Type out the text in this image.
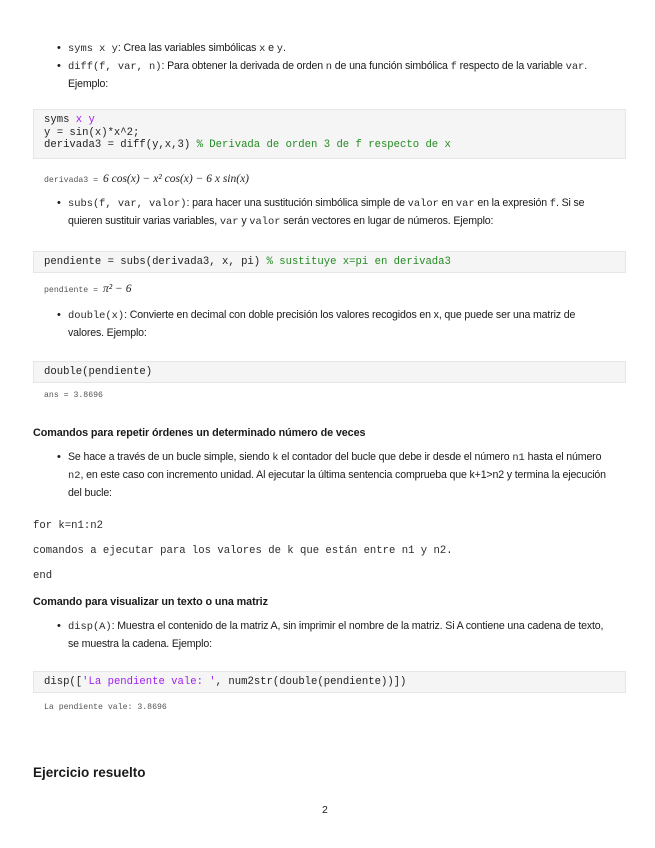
• syms x y: Crea las variables simbólicas x e y.
• diff(f, var, n): Para obtener la derivada de orden n de una función simbólica f respecto de la variable var. Ejemplo:
syms x y
y = sin(x)*x^2;
derivada3 = diff(y,x,3) % Derivada de orden 3 de f respecto de x
derivada3 = 6 cos(x) − x² cos(x) − 6 x sin(x)
• subs(f, var, valor): para hacer una sustitución simbólica simple de valor en var en la expresión f. Si se quieren sustituir varias variables, var y valor serán vectores en lugar de números. Ejemplo:
pendiente = subs(derivada3, x, pi) % sustituye x=pi en derivada3
pendiente = π² − 6
• double(x): Convierte en decimal con doble precisión los valores recogidos en x, que puede ser una matriz de valores. Ejemplo:
double(pendiente)
ans = 3.8696
Comandos para repetir órdenes un determinado número de veces
• Se hace a través de un bucle simple, siendo k el contador del bucle que debe ir desde el número n1 hasta el número n2, en este caso con incremento unidad. Al ejecutar la última sentencia comprueba que k+1>n2 y termina la ejecución del bucle:
for k=n1:n2
comandos a ejecutar para los valores de k que están entre n1 y n2.
end
Comando para visualizar un texto o una matriz
• disp(A): Muestra el contenido de la matriz A, sin imprimir el nombre de la matriz. Si A contiene una cadena de texto, se muestra la cadena. Ejemplo:
disp(['La pendiente vale: ', num2str(double(pendiente))])
La pendiente vale: 3.8696
Ejercicio resuelto
2
